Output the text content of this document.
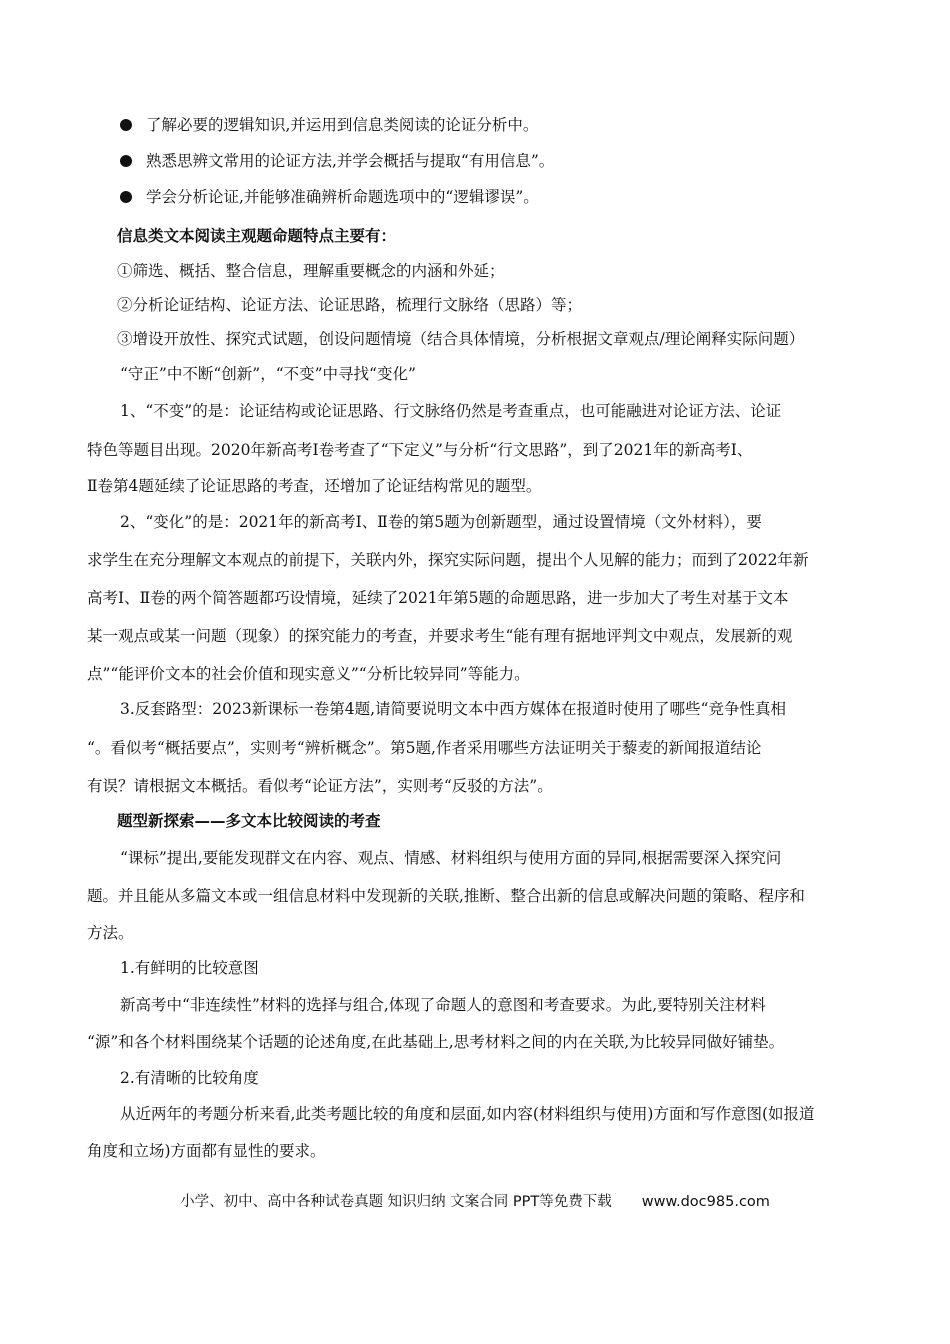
了解必要的逻辑知识,并运用到信息类阅读的论证分析中。
熟悉思辨文常用的论证方法,并学会概括与提取“有用信息”。
学会分析论证,并能够准确辨析命题选项中的“逻辑谬误”。
信息类文本阅读主观题命题特点主要有：
①筛选、概括、整合信息，理解重要概念的内涵和外延；
②分析论证结构、论证方法、论证思路，梳理行文脉络（思路）等；
③增设开放性、探究式试题，创设问题情境（结合具体情境，分析根据文章观点/理论阐释实际问题）
“守正”中不断“创新”，“不变”中寻找“变化”
1、“不变”的是：论证结构或论证思路、行文脉络仍然是考查重点，也可能融进对论证方法、论证
特色等题目出现。2020年新高考Ⅰ卷考查了“下定义”与分析“行文思路”，到了2021年的新高考Ⅰ、
Ⅱ卷第4题延续了论证思路的考查，还增加了论证结构常见的题型。
2、“变化”的是：2021年的新高考Ⅰ、Ⅱ卷的第5题为创新题型，通过设置情境（文外材料），要
求学生在充分理解文本观点的前提下，关联内外，探究实际问题，提出个人见解的能力；而到了2022年新
高考Ⅰ、Ⅱ卷的两个简答题都巧设情境，延续了2021年第5题的命题思路，进一步加大了考生对基于文本
某一观点或某一问题（现象）的探究能力的考查，并要求考生“能有理有据地评判文中观点，发展新的观
点”“能评价文本的社会价值和现实意义”“分析比较异同”等能力。
3.反套路型：2023新课标一卷第4题,请简要说明文本中西方媒体在报道时使用了哪些“竞争性真相
“。看似考“概括要点”，实则考“辨析概念”。第5题,作者采用哪些方法证明关于藜麦的新闻报道结论
有误？请根据文本概括。看似考“论证方法”，实则考“反驳的方法”。
题型新探索——多文本比较阅读的考查
“课标”提出,要能发现群文在内容、观点、情感、材料组织与使用方面的异同,根据需要深入探究问
题。并且能从多篇文本或一组信息材料中发现新的关联,推断、整合出新的信息或解决问题的策略、程序和
方法。
1.有鲜明的比较意图
新高考中“非连续性”材料的选择与组合,体现了命题人的意图和考查要求。为此,要特别关注材料
“源”和各个材料围绕某个话题的论述角度,在此基础上,思考材料之间的内在关联,为比较异同做好铺垫。
2.有清晰的比较角度
从近两年的考题分析来看,此类考题比较的角度和层面,如内容(材料组织与使用)方面和写作意图(如报道
角度和立场)方面都有显性的要求。
小学、初中、高中各种试卷真题 知识归纳 文案合同 PPT等免费下载 www.doc985.com
